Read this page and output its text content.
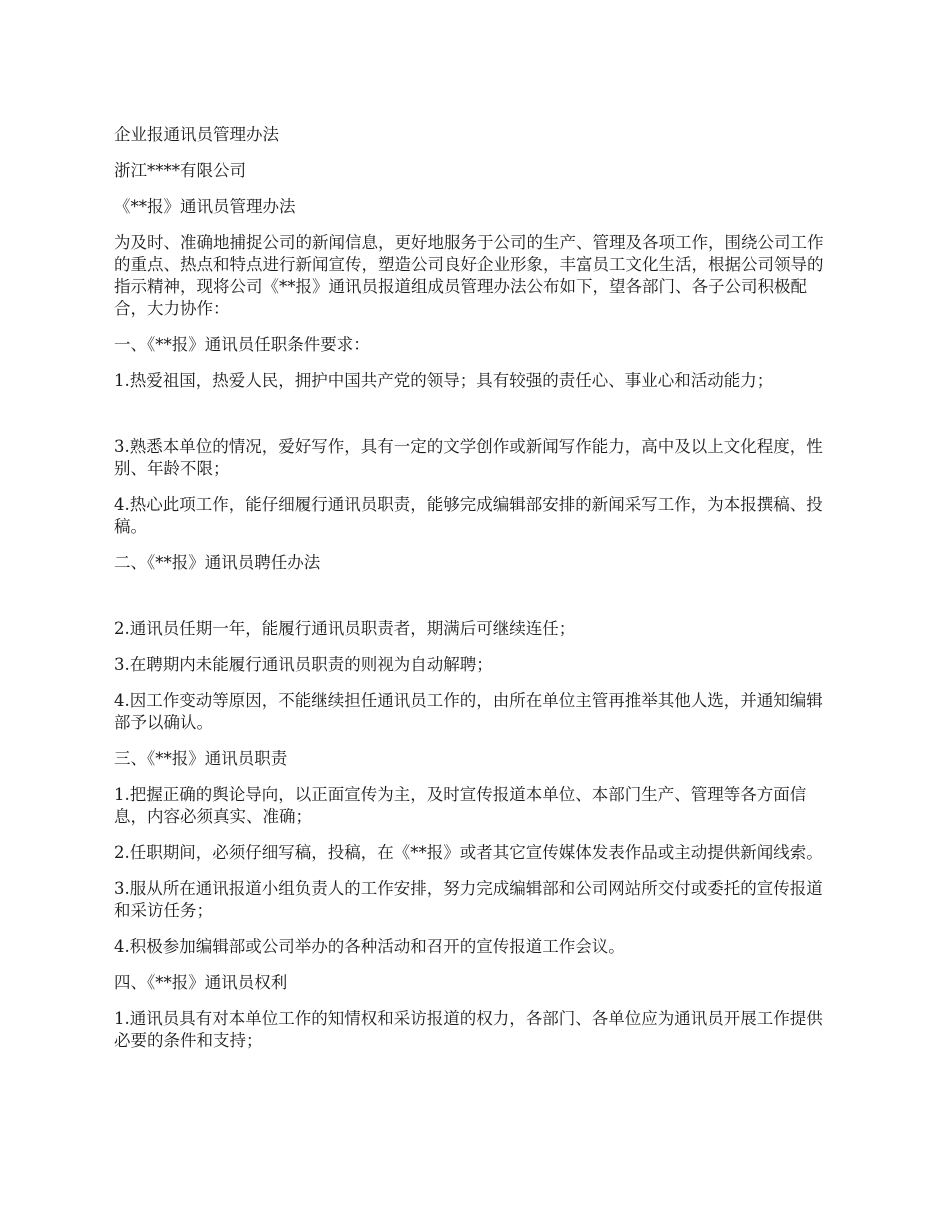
企业报通讯员管理办法

浙江****有限公司

《**报》通讯员管理办法

为及时、准确地捕捉公司的新闻信息，更好地服务于公司的生产、管理及各项工作，围绕公司工作的重点、热点和特点进行新闻宣传，塑造公司良好企业形象，丰富员工文化生活，根据公司领导的指示精神，现将公司《**报》通讯员报道组成员管理办法公布如下，望各部门、各子公司积极配合，大力协作：

一、《**报》通讯员任职条件要求：

1.热爱祖国，热爱人民，拥护中国共产党的领导；具有较强的责任心、事业心和活动能力；

3.熟悉本单位的情况，爱好写作，具有一定的文学创作或新闻写作能力，高中及以上文化程度，性别、年龄不限；

4.热心此项工作，能仔细履行通讯员职责，能够完成编辑部安排的新闻采写工作，为本报撰稿、投稿。

二、《**报》通讯员聘任办法

2.通讯员任期一年，能履行通讯员职责者，期满后可继续连任；

3.在聘期内未能履行通讯员职责的则视为自动解聘；

4.因工作变动等原因，不能继续担任通讯员工作的，由所在单位主管再推举其他人选，并通知编辑部予以确认。

三、《**报》通讯员职责

1.把握正确的舆论导向，以正面宣传为主，及时宣传报道本单位、本部门生产、管理等各方面信息，内容必须真实、准确；

2.任职期间，必须仔细写稿，投稿，在《**报》或者其它宣传媒体发表作品或主动提供新闻线索。

3.服从所在通讯报道小组负责人的工作安排，努力完成编辑部和公司网站所交付或委托的宣传报道和采访任务；

4.积极参加编辑部或公司举办的各种活动和召开的宣传报道工作会议。

四、《**报》通讯员权利

1.通讯员具有对本单位工作的知情权和采访报道的权力，各部门、各单位应为通讯员开展工作提供必要的条件和支持；
